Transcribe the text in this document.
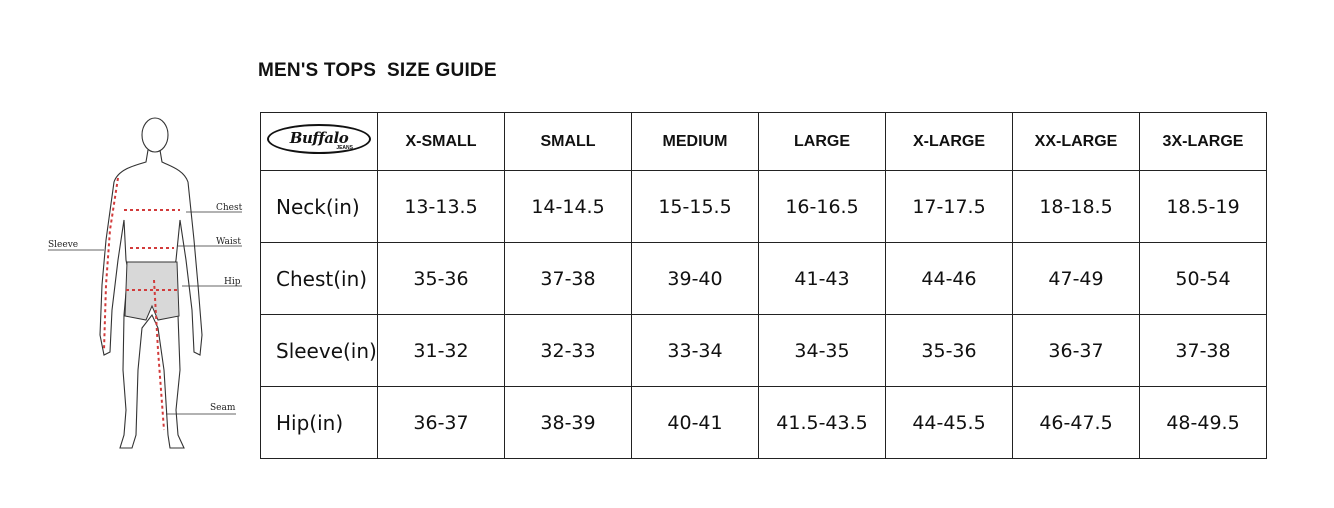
MEN'S TOPS  SIZE GUIDE
Chest
Waist
Hip
Sleeve
Seam
Buffalo
JEANS	X-SMALL	SMALL	MEDIUM	LARGE	X-LARGE	XX-LARGE	3X-LARGE
Neck(in)	13-13.5	14-14.5	15-15.5	16-16.5	17-17.5	18-18.5	18.5-19
Chest(in)	35-36	37-38	39-40	41-43	44-46	47-49	50-54
Sleeve(in)	31-32	32-33	33-34	34-35	35-36	36-37	37-38
Hip(in)	36-37	38-39	40-41	41.5-43.5	44-45.5	46-47.5	48-49.5
